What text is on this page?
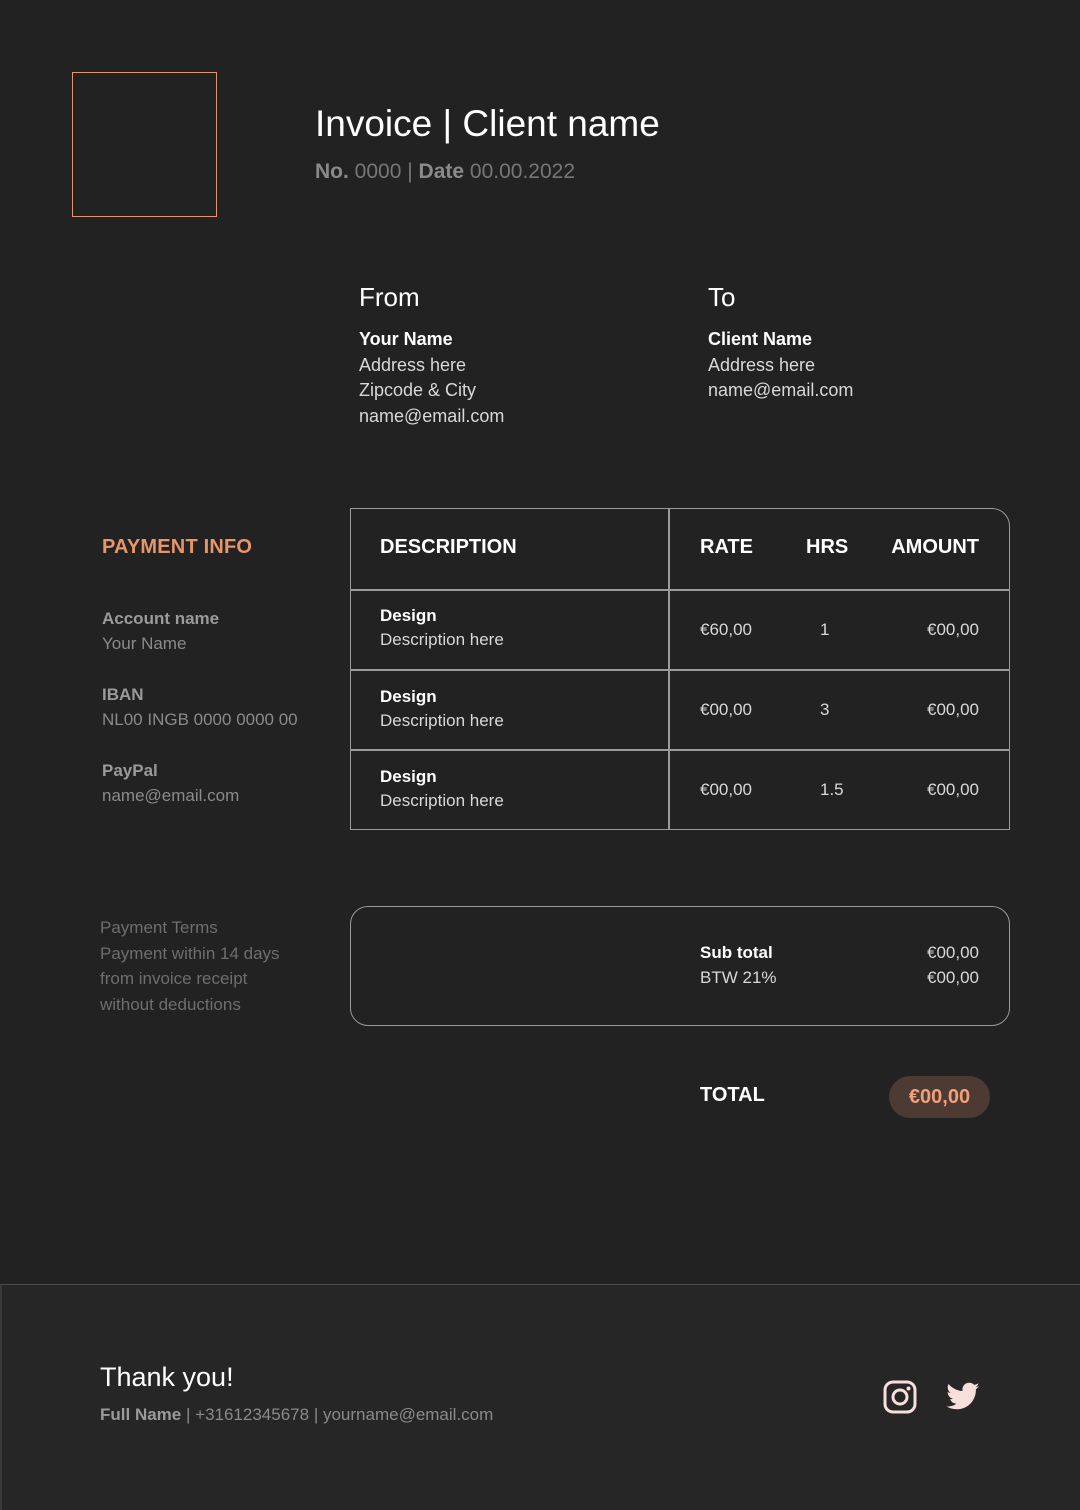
Invoice | Client name
No. 0000 | Date 00.00.2022
From
Your Name
Address here
Zipcode & City
name@email.com
To
Client Name
Address here
name@email.com
PAYMENT INFO
Account name
Your Name
IBAN
NL00 INGB 0000 0000 00
PayPal
name@email.com
DESCRIPTION	RATE	HRS AMOUNT
Design
Description here
€60,00	1	€00,00
Design
Description here
€00,00	3	€00,00
Design
Description here
€00,00	1.5	€00,00
Payment Terms
Payment within 14 days
from invoice receipt
without deductions
Sub total	€00,00
BTW 21%	€00,00
TOTAL	€00,00
Thank you!
Full Name | +31612345678 | yourname@email.com
